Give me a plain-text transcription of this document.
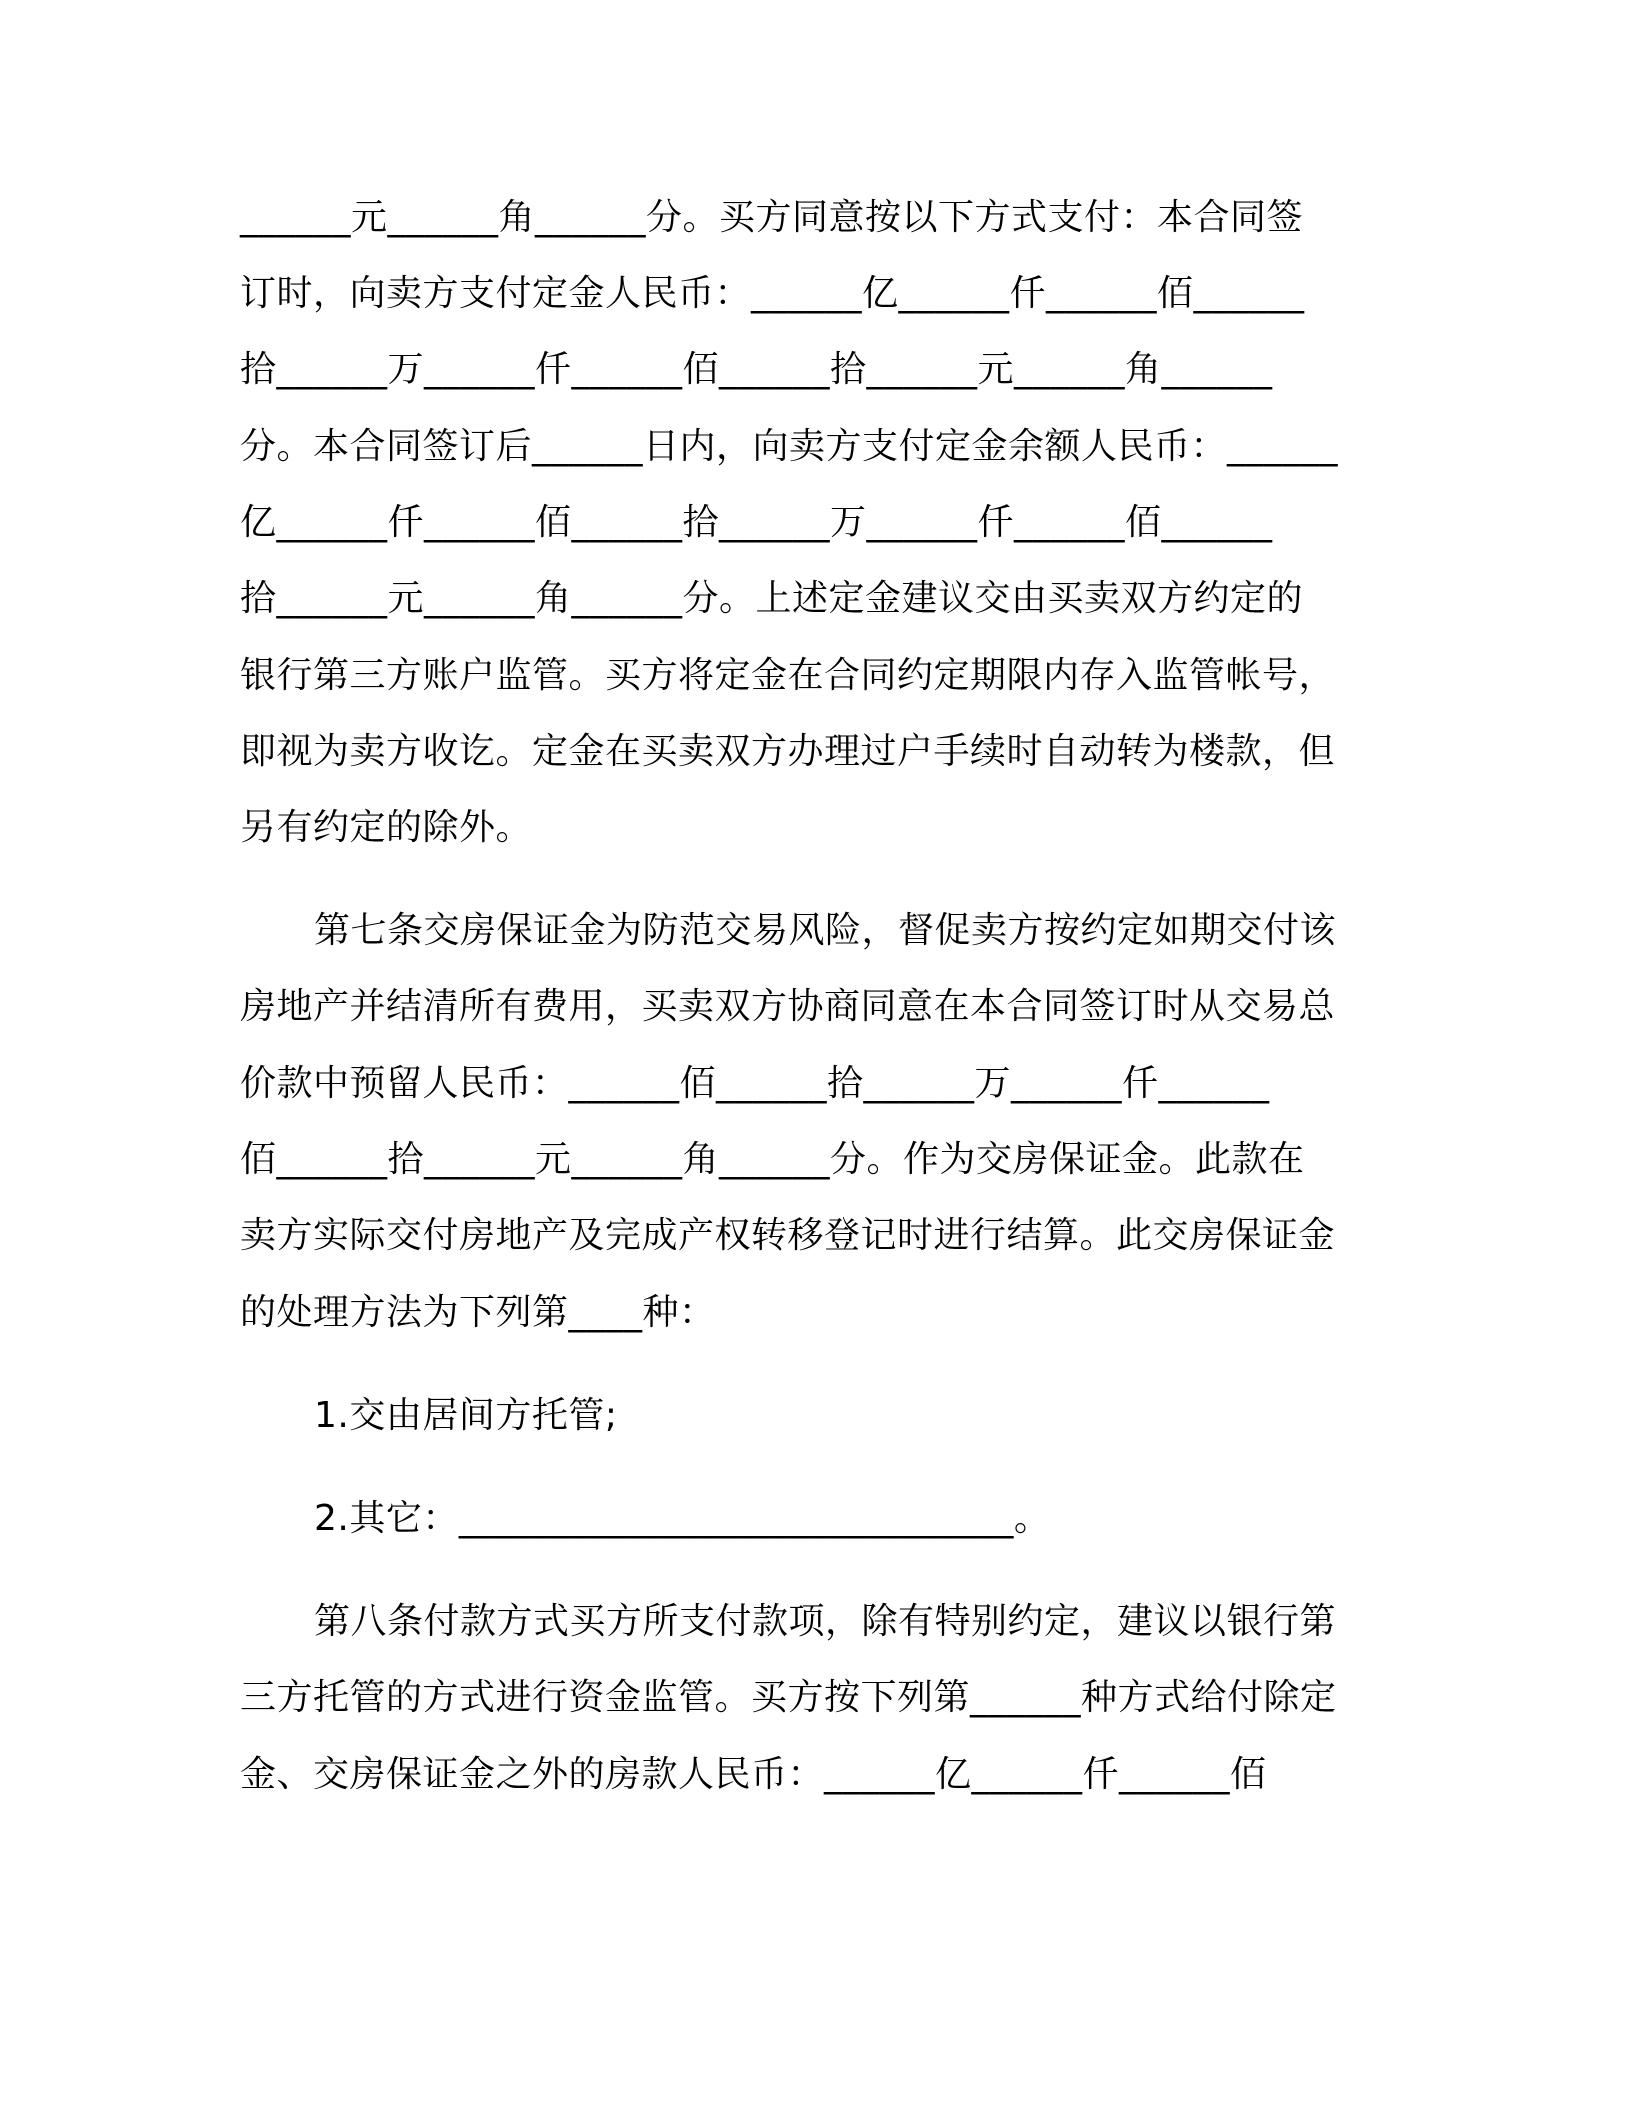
______元______角______分。买方同意按以下方式支付：本合同签
订时，向卖方支付定金人民币：______亿______仟______佰______
拾______万______仟______佰______拾______元______角______
分。本合同签订后______日内，向卖方支付定金余额人民币：______
亿______仟______佰______拾______万______仟______佰______
拾______元______角______分。上述定金建议交由买卖双方约定的
银行第三方账户监管。买方将定金在合同约定期限内存入监管帐号，
即视为卖方收讫。定金在买卖双方办理过户手续时自动转为楼款，但
另有约定的除外。
第七条交房保证金为防范交易风险，督促卖方按约定如期交付该
房地产并结清所有费用，买卖双方协商同意在本合同签订时从交易总
价款中预留人民币：______佰______拾______万______仟______
佰______拾______元______角______分。作为交房保证金。此款在
卖方实际交付房地产及完成产权转移登记时进行结算。此交房保证金
的处理方法为下列第____种：
1.交由居间方托管;
2.其它：______________________________。
第八条付款方式买方所支付款项，除有特别约定，建议以银行第
三方托管的方式进行资金监管。买方按下列第______种方式给付除定
金、交房保证金之外的房款人民币：______亿______仟______佰
